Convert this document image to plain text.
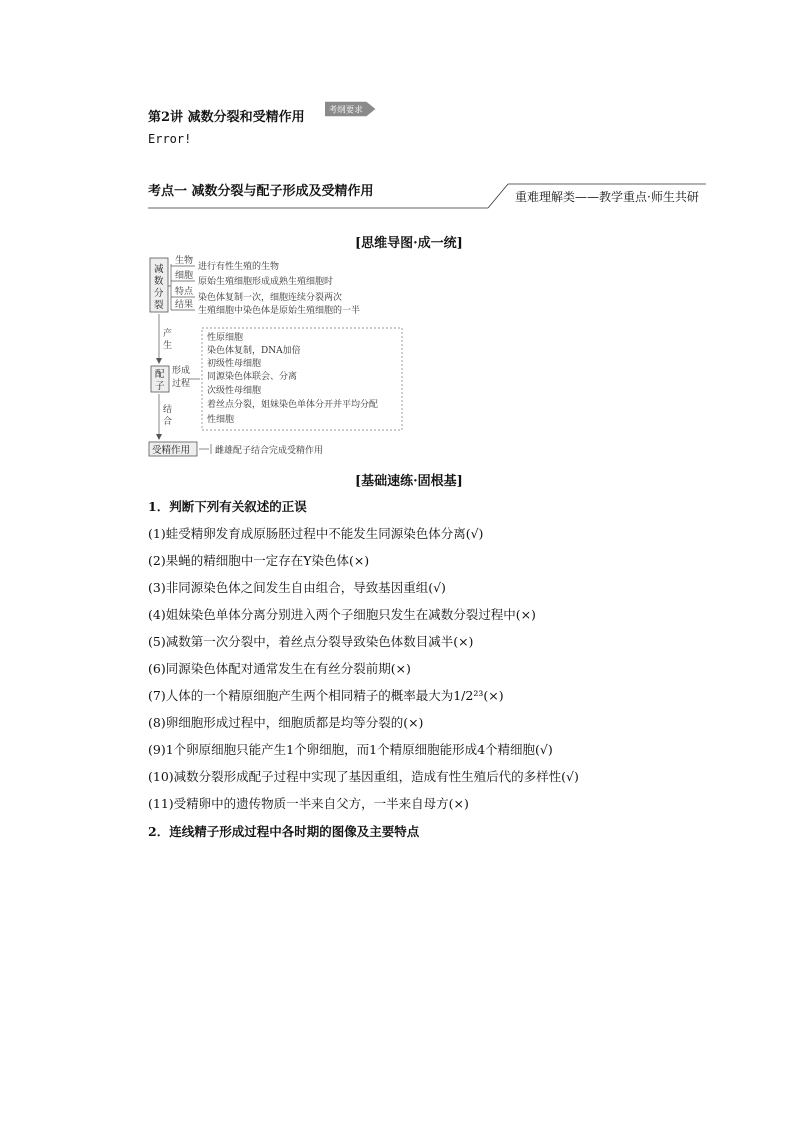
第2讲 减数分裂和受精作用	考纲要求
Error!
考点一 减数分裂与配子形成及受精作用	重难理解类——教学重点·师生共研
[思维导图·成一统]
减
数
分
裂
生物
进行有性生殖的生物
细胞
原始生殖细胞形成成熟生殖细胞时
特点
染色体复制一次，细胞连续分裂两次
结果
生殖细胞中染色体是原始生殖细胞的一半
产
生
配
子
形成
过程
性原细胞
染色体复制，DNA加倍
初级性母细胞
同源染色体联会、分离
次级性母细胞
着丝点分裂，姐妹染色单体分开并平均分配
性细胞
结
合
受精作用	雌雄配子结合完成受精作用
[基础速练·固根基]
1．判断下列有关叙述的正误
(1)蛙受精卵发育成原肠胚过程中不能发生同源染色体分离(√)
(2)果蝇的精细胞中一定存在Y染色体(×)
(3)非同源染色体之间发生自由组合，导致基因重组(√)
(4)姐妹染色单体分离分别进入两个子细胞只发生在减数分裂过程中(×)
(5)减数第一次分裂中，着丝点分裂导致染色体数目减半(×)
(6)同源染色体配对通常发生在有丝分裂前期(×)
(7)人体的一个精原细胞产生两个相同精子的概率最大为1/2²³(×)
(8)卵细胞形成过程中，细胞质都是均等分裂的(×)
(9)1个卵原细胞只能产生1个卵细胞，而1个精原细胞能形成4个精细胞(√)
(10)减数分裂形成配子过程中实现了基因重组，造成有性生殖后代的多样性(√)
(11)受精卵中的遗传物质一半来自父方，一半来自母方(×)
2．连线精子形成过程中各时期的图像及主要特点
